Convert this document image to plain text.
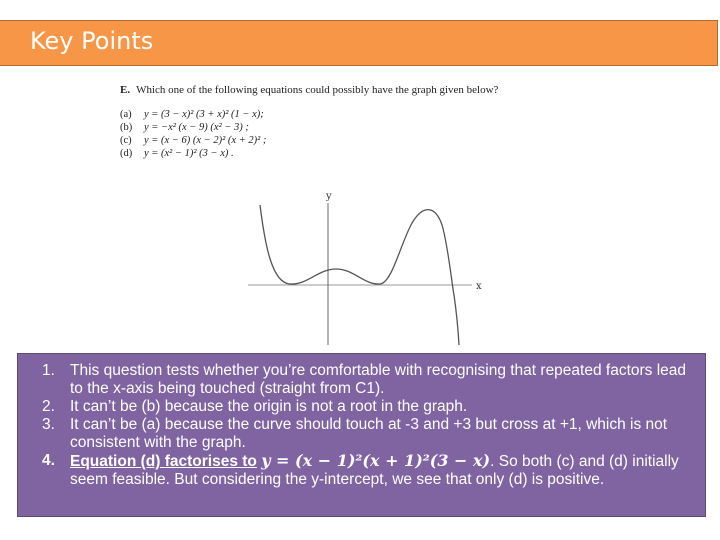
Key Points
E. Which one of the following equations could possibly have the graph given below?
(a)	y = (3 − x)² (3 + x)² (1 − x);
(b)	y = −x² (x − 9) (x² − 3) ;
(c)	y = (x − 6) (x − 2)² (x + 2)² ;
(d)	y = (x² − 1)² (3 − x) .
y
x
1. This question tests whether you’re comfortable with recognising that repeated factors lead to the x-axis being touched (straight from C1).
2. It can’t be (b) because the origin is not a root in the graph.
3. It can’t be (a) because the curve should touch at -3 and +3 but cross at +1, which is not consistent with the graph.
4. Equation (d) factorises to y = (x − 1)²(x + 1)²(3 − x). So both (c) and (d) initially seem feasible. But considering the y-intercept, we see that only (d) is positive.
